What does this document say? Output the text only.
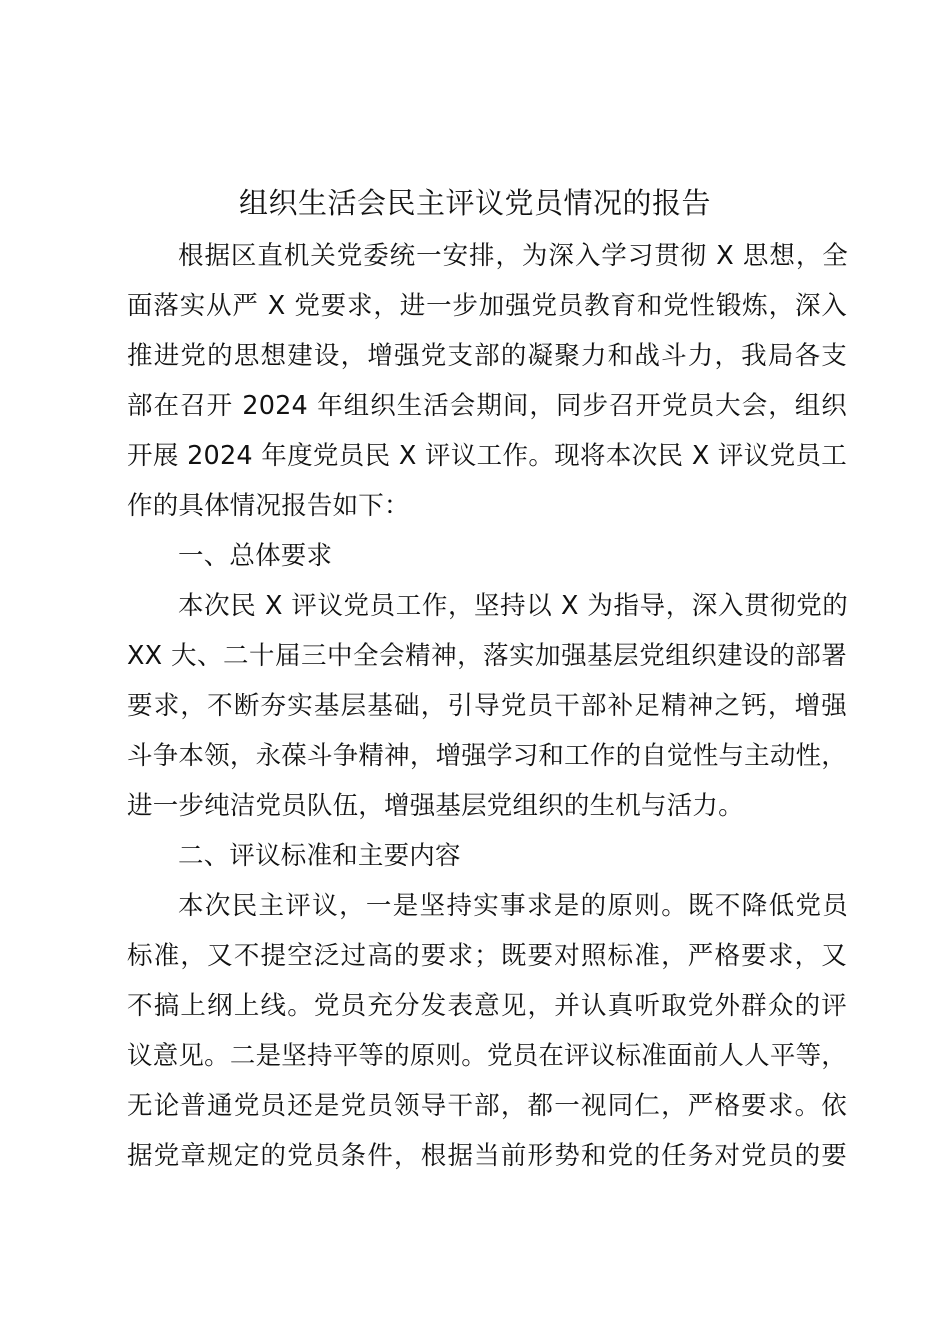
组织生活会民主评议党员情况的报告
根据区直机关党委统一安排，为深入学习贯彻 X 思想，全
面落实从严 X 党要求，进一步加强党员教育和党性锻炼，深入
推进党的思想建设，增强党支部的凝聚力和战斗力，我局各支
部在召开 2024 年组织生活会期间，同步召开党员大会，组织
开展 2024 年度党员民 X 评议工作。现将本次民 X 评议党员工
作的具体情况报告如下：
一、总体要求
本次民 X 评议党员工作，坚持以 X 为指导，深入贯彻党的
XX 大、二十届三中全会精神，落实加强基层党组织建设的部署
要求，不断夯实基层基础，引导党员干部补足精神之钙，增强
斗争本领，永葆斗争精神，增强学习和工作的自觉性与主动性，
进一步纯洁党员队伍，增强基层党组织的生机与活力。
二、评议标准和主要内容
本次民主评议，一是坚持实事求是的原则。既不降低党员
标准，又不提空泛过高的要求；既要对照标准，严格要求，又
不搞上纲上线。党员充分发表意见，并认真听取党外群众的评
议意见。二是坚持平等的原则。党员在评议标准面前人人平等，
无论普通党员还是党员领导干部，都一视同仁，严格要求。依
据党章规定的党员条件，根据当前形势和党的任务对党员的要
